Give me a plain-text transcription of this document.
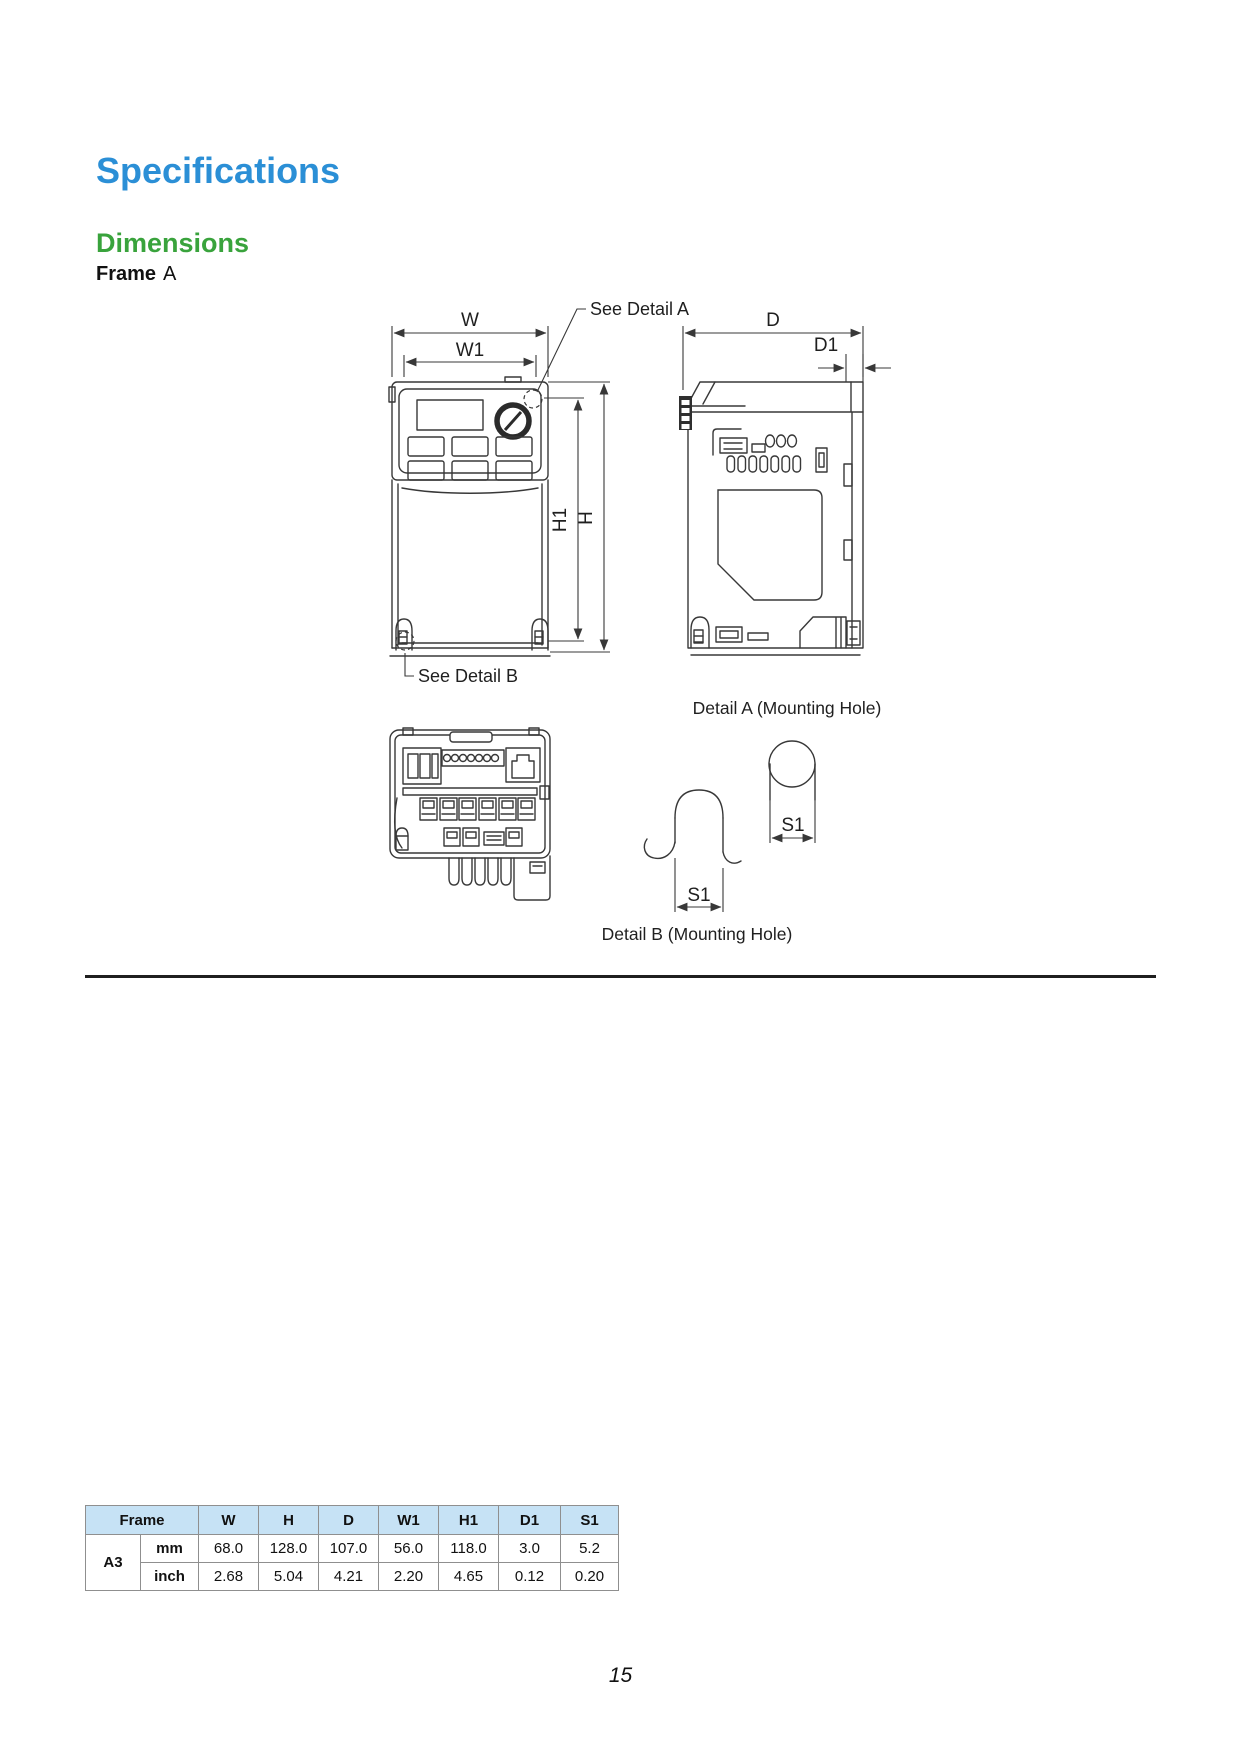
Specifications
Dimensions
Frame A
W
W1
See Detail A
See Detail B
H1 H
D
D1
Detail A (Mounting Hole)
S1
Detail B (Mounting Hole)
S1
Frame		W	H	D	W1	H1	D1	S1
A3	mm	68.0	128.0	107.0	56.0	118.0	3.0	5.2
	inch	2.68	5.04	4.21	2.20	4.65	0.12	0.20
15
